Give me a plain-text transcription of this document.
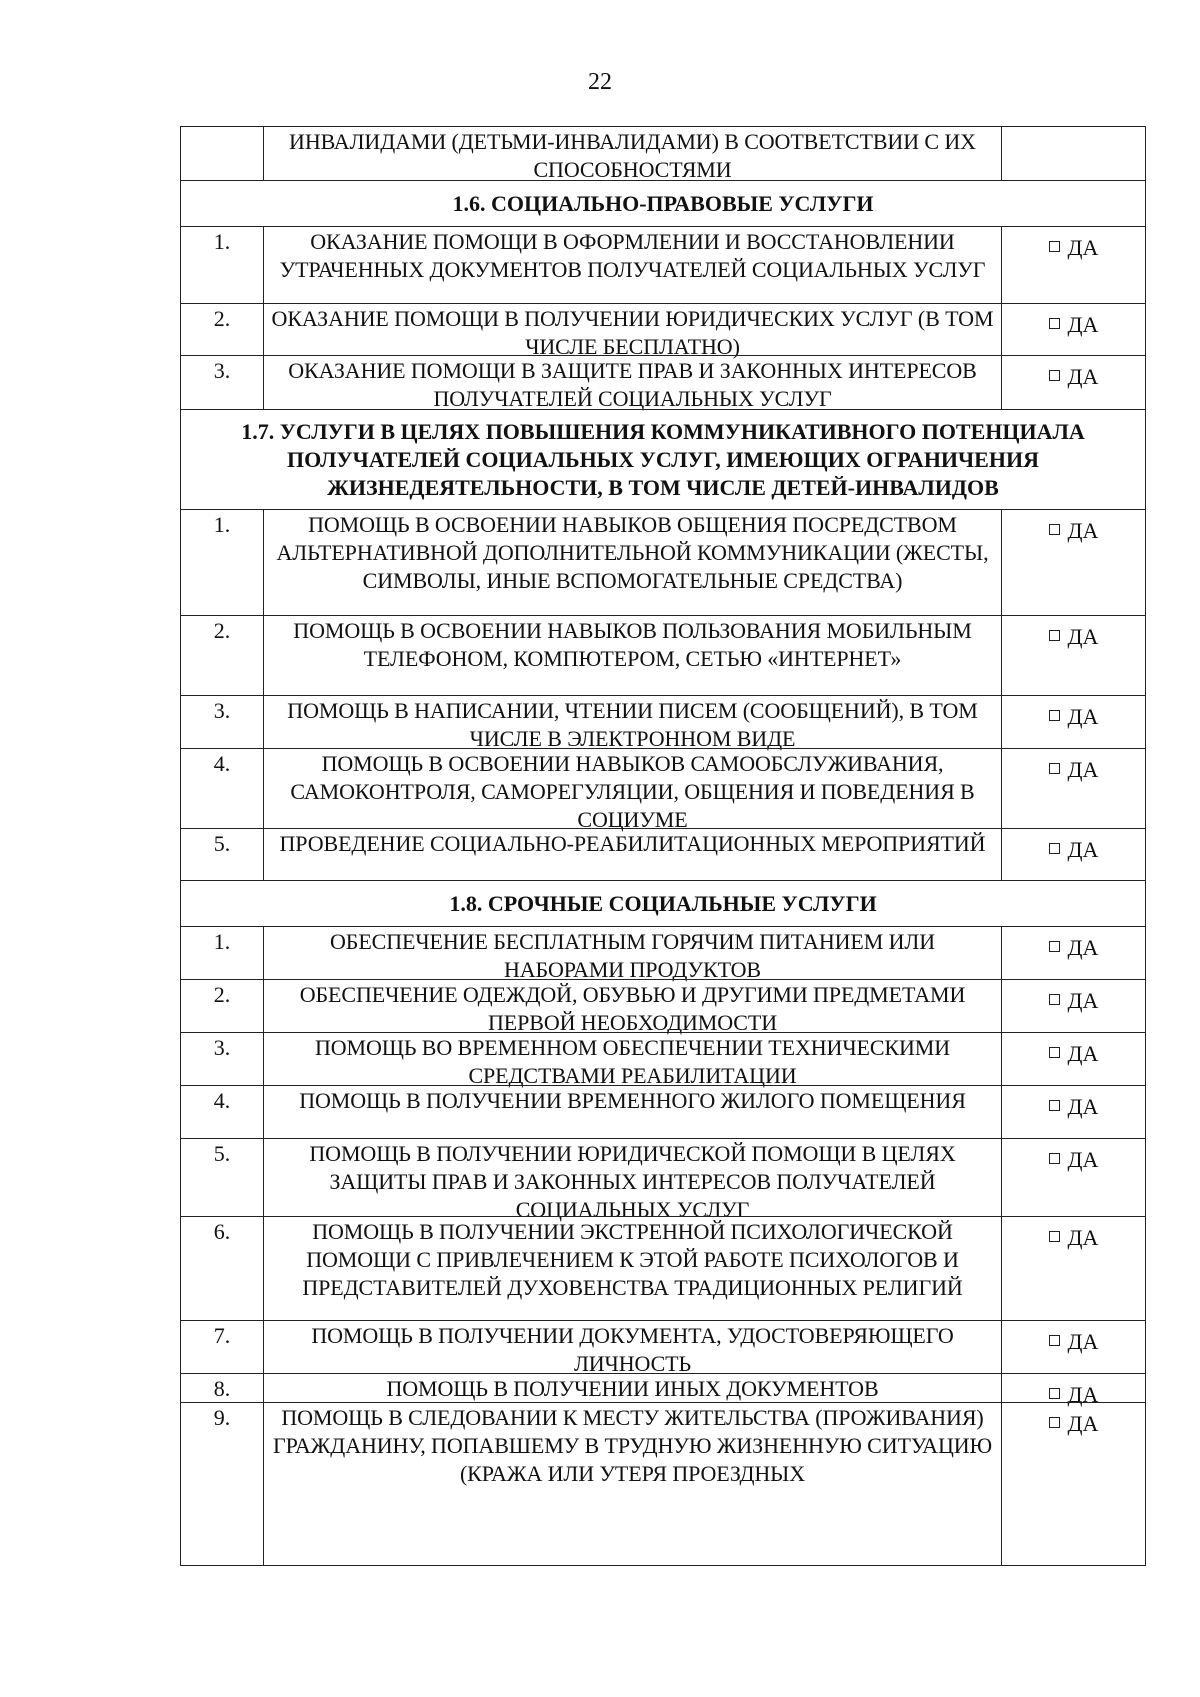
22
ИНВАЛИДАМИ (ДЕТЬМИ-ИНВАЛИДАМИ) В СООТВЕТСТВИИ С ИХ СПОСОБНОСТЯМИ
1.6. СОЦИАЛЬНО-ПРАВОВЫЕ УСЛУГИ
1.	ОКАЗАНИЕ ПОМОЩИ В ОФОРМЛЕНИИ И ВОССТАНОВЛЕНИИ УТРАЧЕННЫХ ДОКУМЕНТОВ ПОЛУЧАТЕЛЕЙ СОЦИАЛЬНЫХ УСЛУГ
ДА
2.	ОКАЗАНИЕ ПОМОЩИ В ПОЛУЧЕНИИ ЮРИДИЧЕСКИХ УСЛУГ (В ТОМ ЧИСЛЕ БЕСПЛАТНО)
ДА
3.	ОКАЗАНИЕ ПОМОЩИ В ЗАЩИТЕ ПРАВ И ЗАКОННЫХ ИНТЕРЕСОВ ПОЛУЧАТЕЛЕЙ СОЦИАЛЬНЫХ УСЛУГ
ДА
1.7. УСЛУГИ В ЦЕЛЯХ ПОВЫШЕНИЯ КОММУНИКАТИВНОГО ПОТЕНЦИАЛА ПОЛУЧАТЕЛЕЙ СОЦИАЛЬНЫХ УСЛУГ, ИМЕЮЩИХ ОГРАНИЧЕНИЯ ЖИЗНЕДЕЯТЕЛЬНОСТИ, В ТОМ ЧИСЛЕ ДЕТЕЙ-ИНВАЛИДОВ
1.	ПОМОЩЬ В ОСВОЕНИИ НАВЫКОВ ОБЩЕНИЯ ПОСРЕДСТВОМ АЛЬТЕРНАТИВНОЙ ДОПОЛНИТЕЛЬНОЙ КОММУНИКАЦИИ (ЖЕСТЫ, СИМВОЛЫ, ИНЫЕ ВСПОМОГАТЕЛЬНЫЕ СРЕДСТВА)
ДА
2.	ПОМОЩЬ В ОСВОЕНИИ НАВЫКОВ ПОЛЬЗОВАНИЯ МОБИЛЬНЫМ ТЕЛЕФОНОМ, КОМПЮТЕРОМ, СЕТЬЮ «ИНТЕРНЕТ»
ДА
3.	ПОМОЩЬ В НАПИСАНИИ, ЧТЕНИИ ПИСЕМ (СООБЩЕНИЙ), В ТОМ ЧИСЛЕ В ЭЛЕКТРОННОМ ВИДЕ
ДА
4.	ПОМОЩЬ В ОСВОЕНИИ НАВЫКОВ САМООБСЛУЖИВАНИЯ, САМОКОНТРОЛЯ, САМОРЕГУЛЯЦИИ, ОБЩЕНИЯ И ПОВЕДЕНИЯ В СОЦИУМЕ
ДА
5.	ПРОВЕДЕНИЕ СОЦИАЛЬНО-РЕАБИЛИТАЦИОННЫХ МЕРОПРИЯТИЙ	ДА
1.8. СРОЧНЫЕ СОЦИАЛЬНЫЕ УСЛУГИ
1.	ОБЕСПЕЧЕНИЕ БЕСПЛАТНЫМ ГОРЯЧИМ ПИТАНИЕМ ИЛИ НАБОРАМИ ПРОДУКТОВ
ДА
2.	ОБЕСПЕЧЕНИЕ ОДЕЖДОЙ, ОБУВЬЮ И ДРУГИМИ ПРЕДМЕТАМИ ПЕРВОЙ НЕОБХОДИМОСТИ
ДА
3.	ПОМОЩЬ ВО ВРЕМЕННОМ ОБЕСПЕЧЕНИИ ТЕХНИЧЕСКИМИ СРЕДСТВАМИ РЕАБИЛИТАЦИИ
ДА
4.	ПОМОЩЬ В ПОЛУЧЕНИИ ВРЕМЕННОГО ЖИЛОГО ПОМЕЩЕНИЯ	ДА
5.	ПОМОЩЬ В ПОЛУЧЕНИИ ЮРИДИЧЕСКОЙ ПОМОЩИ В ЦЕЛЯХ ЗАЩИТЫ ПРАВ И ЗАКОННЫХ ИНТЕРЕСОВ ПОЛУЧАТЕЛЕЙ СОЦИАЛЬНЫХ УСЛУГ
ДА
6.	ПОМОЩЬ В ПОЛУЧЕНИИ ЭКСТРЕННОЙ ПСИХОЛОГИЧЕСКОЙ ПОМОЩИ С ПРИВЛЕЧЕНИЕМ К ЭТОЙ РАБОТЕ ПСИХОЛОГОВ И ПРЕДСТАВИТЕЛЕЙ ДУХОВЕНСТВА ТРАДИЦИОННЫХ РЕЛИГИЙ
ДА
7.	ПОМОЩЬ В ПОЛУЧЕНИИ ДОКУМЕНТА, УДОСТОВЕРЯЮЩЕГО ЛИЧНОСТЬ
ДА
8.	ПОМОЩЬ В ПОЛУЧЕНИИ ИНЫХ ДОКУМЕНТОВ	ДА
9.	ПОМОЩЬ В СЛЕДОВАНИИ К МЕСТУ ЖИТЕЛЬСТВА (ПРОЖИВАНИЯ) ГРАЖДАНИНУ, ПОПАВШЕМУ В ТРУДНУЮ ЖИЗНЕННУЮ СИТУАЦИЮ (КРАЖА ИЛИ УТЕРЯ ПРОЕЗДНЫХ
ДА
